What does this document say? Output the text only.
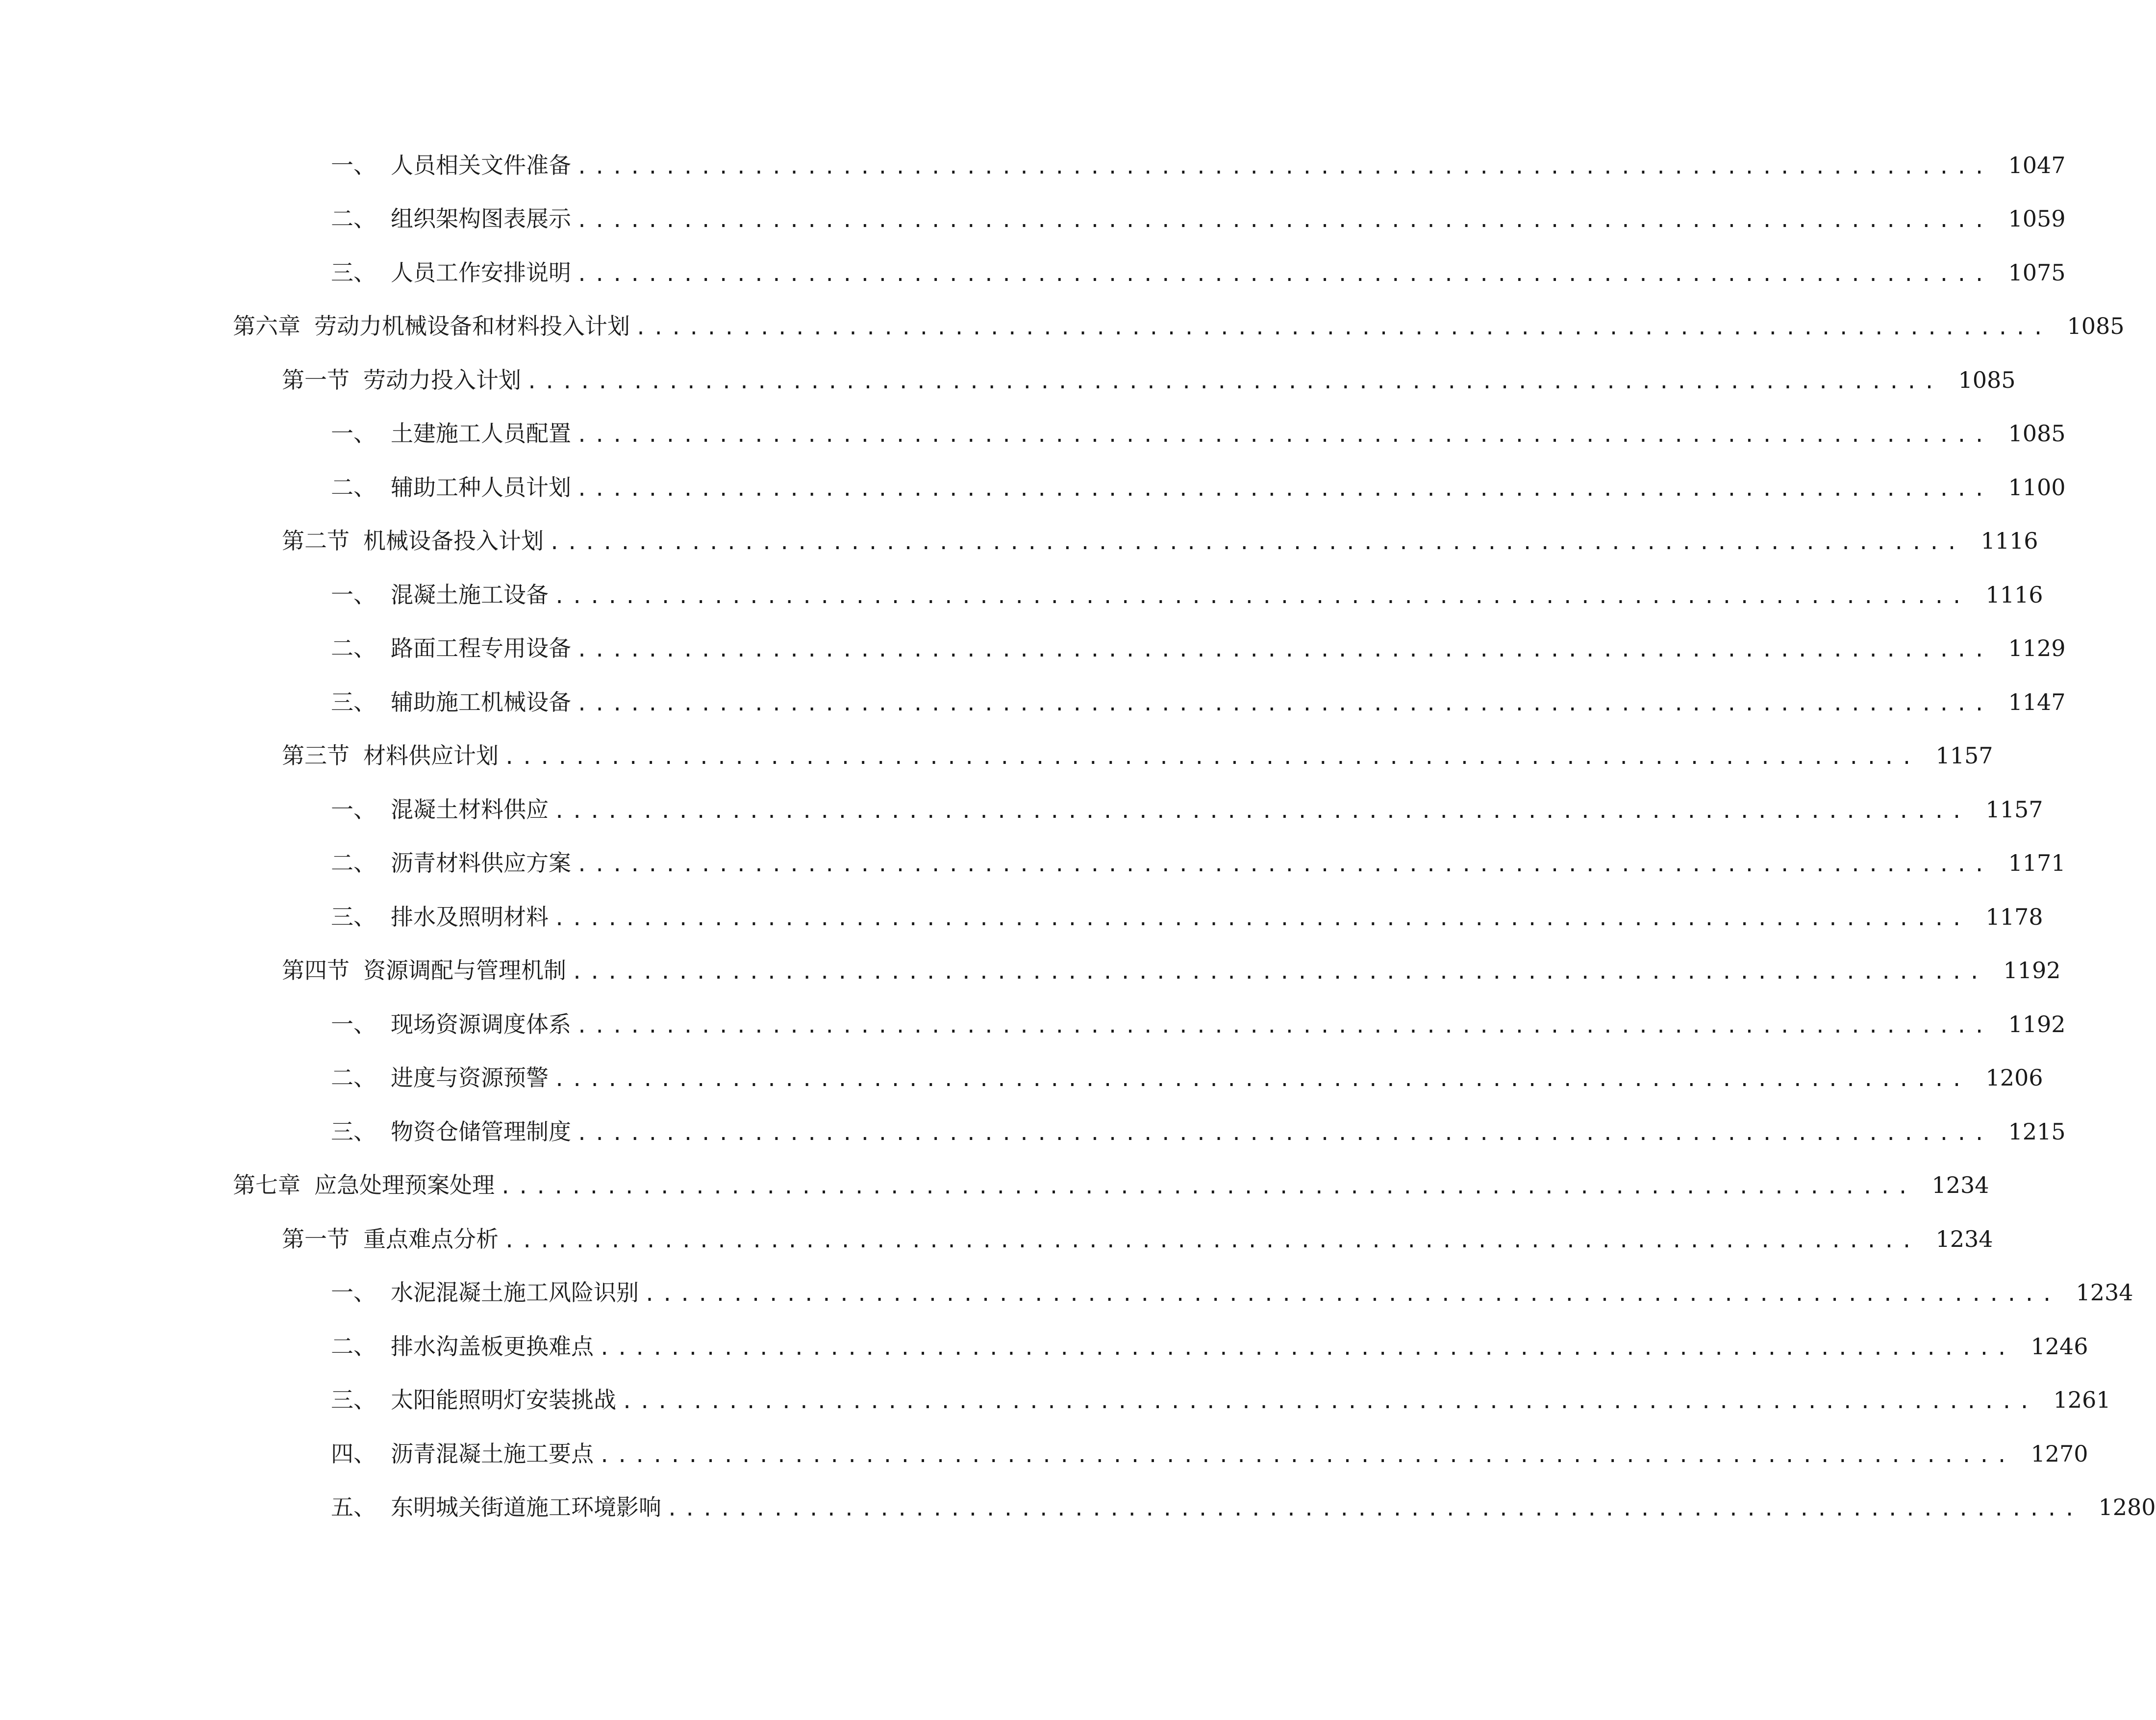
一、 人员相关文件准备 ................................................................................ 1047
二、 组织架构图表展示 ................................................................................ 1059
三、 人员工作安排说明 ................................................................................ 1075
第六章 劳动力机械设备和材料投入计划 ................................................................................ 1085
第一节 劳动力投入计划 ................................................................................ 1085
一、 土建施工人员配置 ................................................................................ 1085
二、 辅助工种人员计划 ................................................................................ 1100
第二节 机械设备投入计划 ................................................................................ 1116
一、 混凝土施工设备 ................................................................................ 1116
二、 路面工程专用设备 ................................................................................ 1129
三、 辅助施工机械设备 ................................................................................ 1147
第三节 材料供应计划 ................................................................................ 1157
一、 混凝土材料供应 ................................................................................ 1157
二、 沥青材料供应方案 ................................................................................ 1171
三、 排水及照明材料 ................................................................................ 1178
第四节 资源调配与管理机制 ................................................................................ 1192
一、 现场资源调度体系 ................................................................................ 1192
二、 进度与资源预警 ................................................................................ 1206
三、 物资仓储管理制度 ................................................................................ 1215
第七章 应急处理预案处理 ................................................................................ 1234
第一节 重点难点分析 ................................................................................ 1234
一、 水泥混凝土施工风险识别 ................................................................................ 1234
二、 排水沟盖板更换难点 ................................................................................ 1246
三、 太阳能照明灯安装挑战 ................................................................................ 1261
四、 沥青混凝土施工要点 ................................................................................ 1270
五、 东明城关街道施工环境影响 ................................................................................ 1280
